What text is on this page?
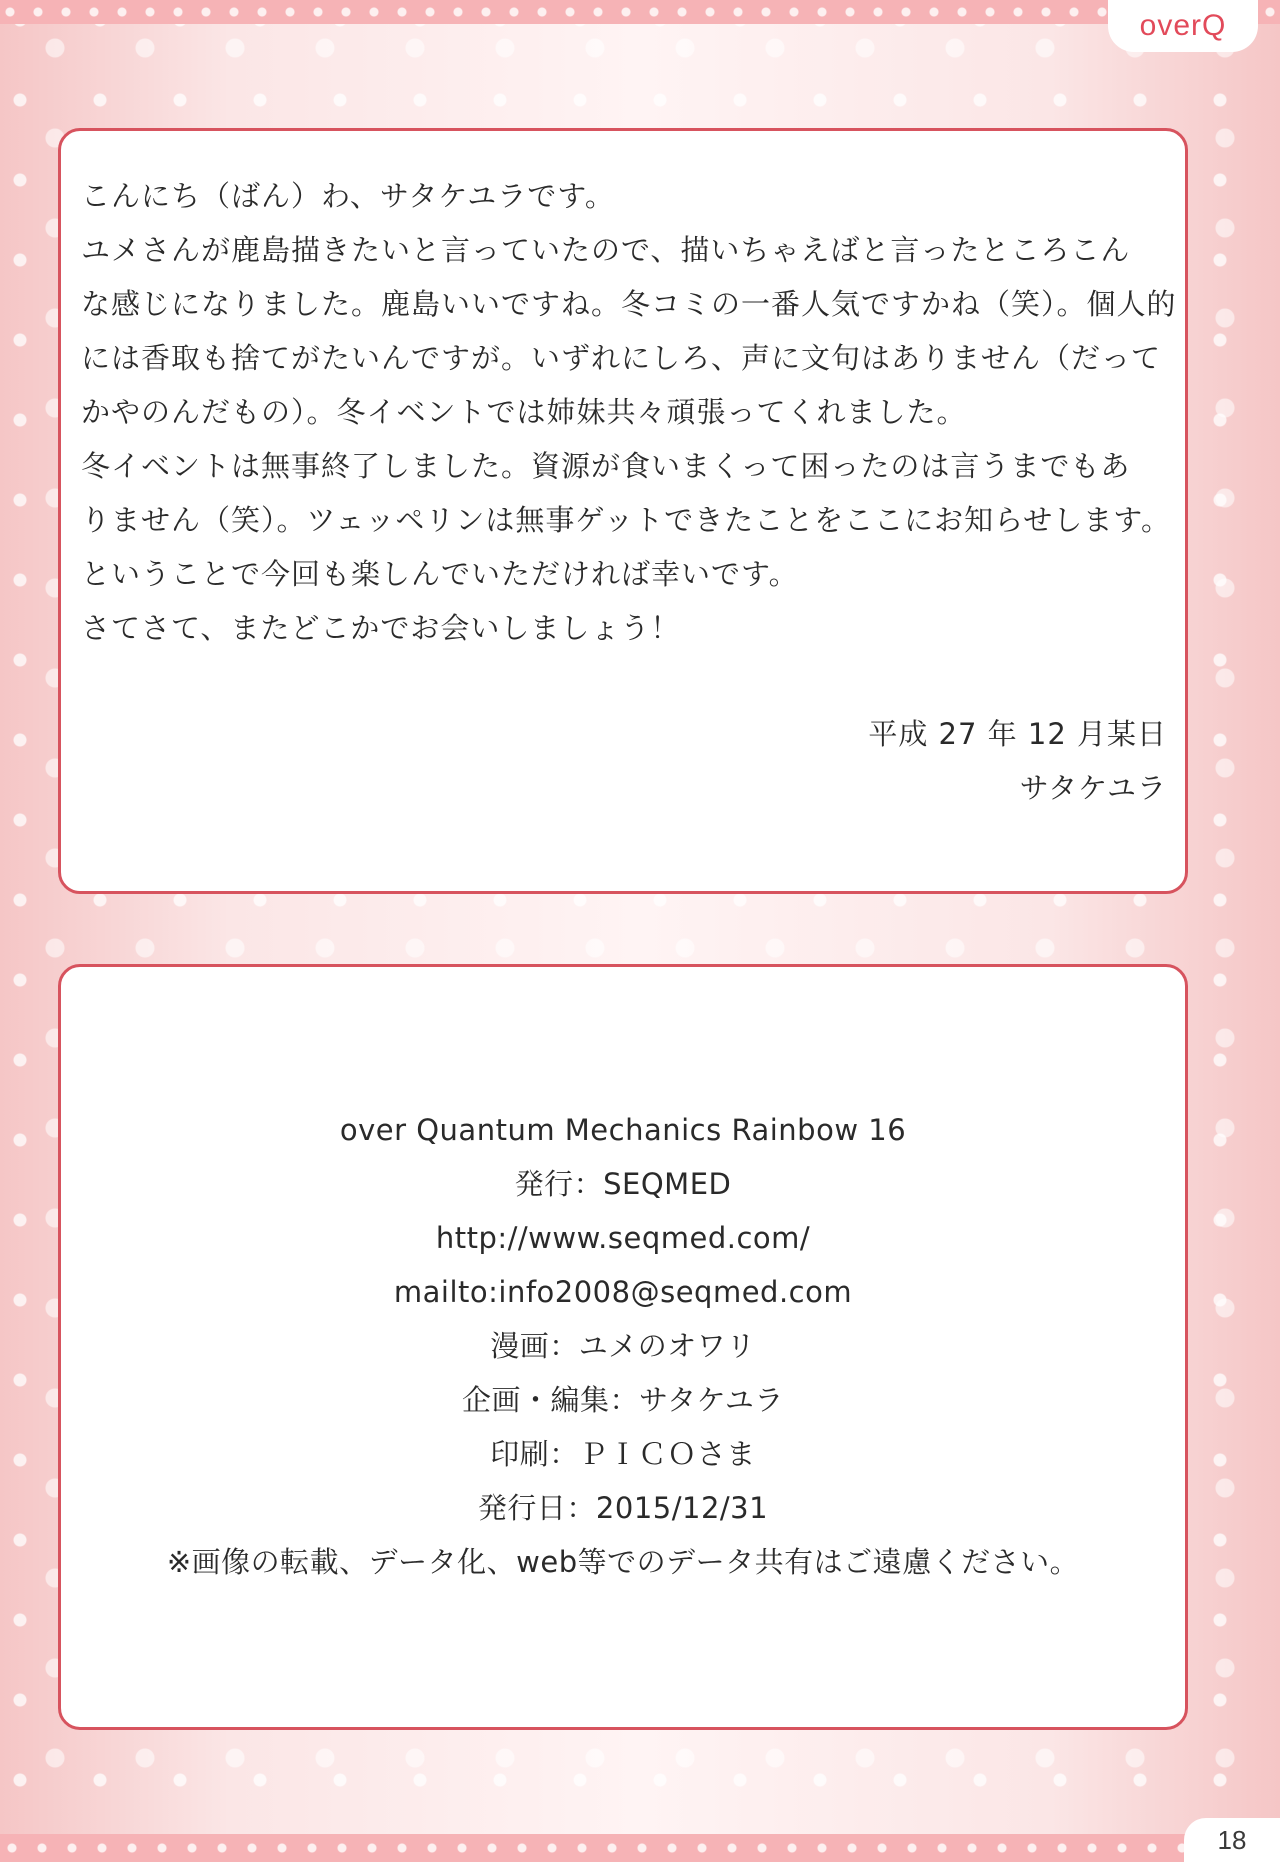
overQ
こんにち（ばん）わ、サタケユラです。
ユメさんが鹿島描きたいと言っていたので、描いちゃえばと言ったところこん
な感じになりました。鹿島いいですね。冬コミの一番人気ですかね（笑）。個人的
には香取も捨てがたいんですが。いずれにしろ、声に文句はありません（だって
かやのんだもの）。冬イベントでは姉妹共々頑張ってくれました。
冬イベントは無事終了しました。資源が食いまくって困ったのは言うまでもあ
りません（笑）。ツェッペリンは無事ゲットできたことをここにお知らせします。
ということで今回も楽しんでいただければ幸いです。
さてさて、またどこかでお会いしましょう！
平成 27 年 12 月某日
サタケユラ
over Quantum Mechanics Rainbow 16
発行：SEQMED
http://www.seqmed.com/
mailto:info2008@seqmed.com
漫画：ユメのオワリ
企画・編集：サタケユラ
印刷：ＰＩＣＯさま
発行日：2015/12/31
※画像の転載、データ化、web等でのデータ共有はご遠慮ください。
18
